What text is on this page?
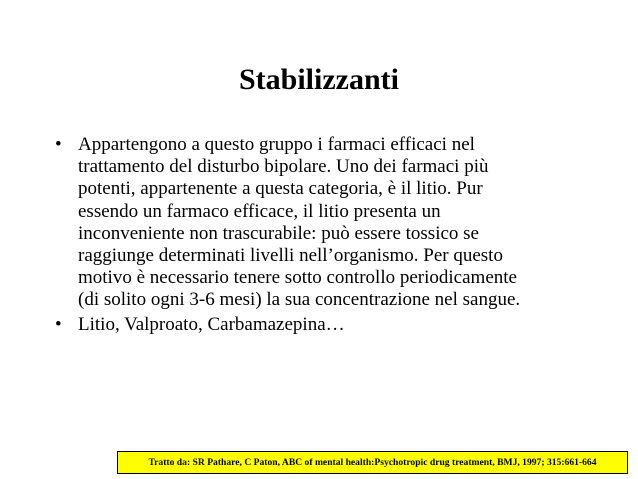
Stabilizzanti
• Appartengono a questo gruppo i farmaci efficaci nel
trattamento del disturbo bipolare. Uno dei farmaci più
potenti, appartenente a questa categoria, è il litio. Pur
essendo un farmaco efficace, il litio presenta un
inconveniente non trascurabile: può essere tossico se
raggiunge determinati livelli nell’organismo. Per questo
motivo è necessario tenere sotto controllo periodicamente
(di solito ogni 3-6 mesi) la sua concentrazione nel sangue.
• Litio, Valproato, Carbamazepina…
Tratto da: SR Pathare, C Paton, ABC of mental health:Psychotropic drug treatment, BMJ, 1997; 315:661-664
